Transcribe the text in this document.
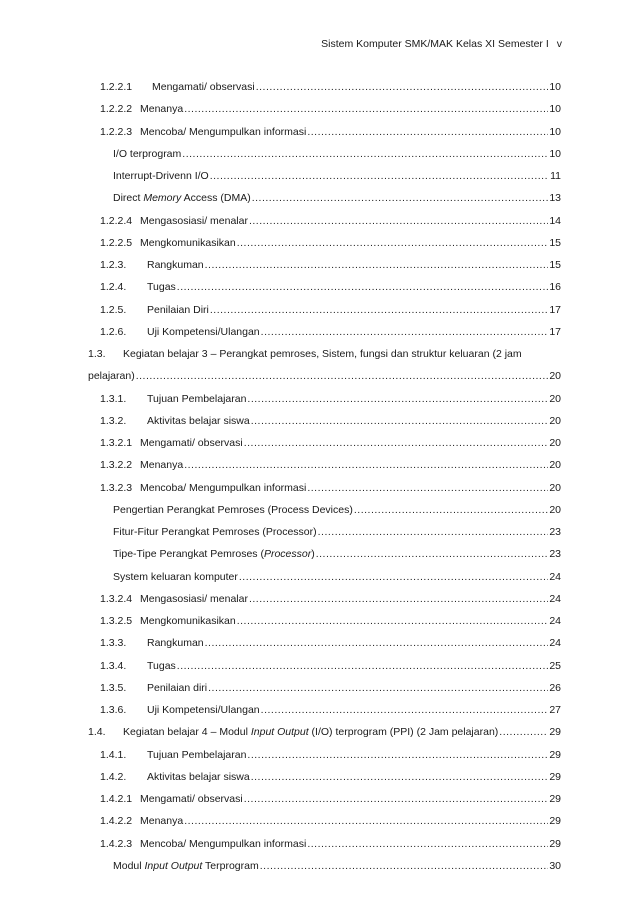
Sistem Komputer SMK/MAK Kelas XI Semester I v
1.2.2.1	Mengamati/ observasi .....	10
1.2.2.2 Menanya .....	10
1.2.2.3 Mencoba/ Mengumpulkan informasi .....	10
I/O terprogram .....	10
Interrupt-Drivenn I/O .....	11
Direct Memory Access (DMA) .....	13
1.2.2.4 Mengasosiasi/ menalar .....	14
1.2.2.5 Mengkomunikasikan .....	15
1.2.3.	Rangkuman .....	15
1.2.4.	Tugas .....	16
1.2.5.	Penilaian Diri .....	17
1.2.6.	Uji Kompetensi/Ulangan .....	17
1.3.	Kegiatan belajar 3 – Perangkat pemroses, Sistem, fungsi dan struktur keluaran (2 jam
pelajaran) .....	20
1.3.1.	Tujuan Pembelajaran .....	20
1.3.2.	Aktivitas belajar siswa .....	20
1.3.2.1 Mengamati/ observasi .....	20
1.3.2.2 Menanya .....	20
1.3.2.3 Mencoba/ Mengumpulkan informasi .....	20
Pengertian Perangkat Pemroses (Process Devices) .....	20
Fitur-Fitur Perangkat Pemroses (Processor) .....	23
Tipe-Tipe Perangkat Pemroses (Processor) .....	23
System keluaran komputer .....	24
1.3.2.4 Mengasosiasi/ menalar .....	24
1.3.2.5 Mengkomunikasikan .....	24
1.3.3.	Rangkuman .....	24
1.3.4.	Tugas .....	25
1.3.5.	Penilaian diri .....	26
1.3.6.	Uji Kompetensi/Ulangan .....	27
1.4.	Kegiatan belajar 4 – Modul Input Output (I/O) terprogram (PPI) (2 Jam pelajaran) .....	29
1.4.1.	Tujuan Pembelajaran .....	29
1.4.2.	Aktivitas belajar siswa .....	29
1.4.2.1 Mengamati/ observasi .....	29
1.4.2.2 Menanya .....	29
1.4.2.3 Mencoba/ Mengumpulkan informasi .....	29
Modul Input Output Terprogram .....	30
